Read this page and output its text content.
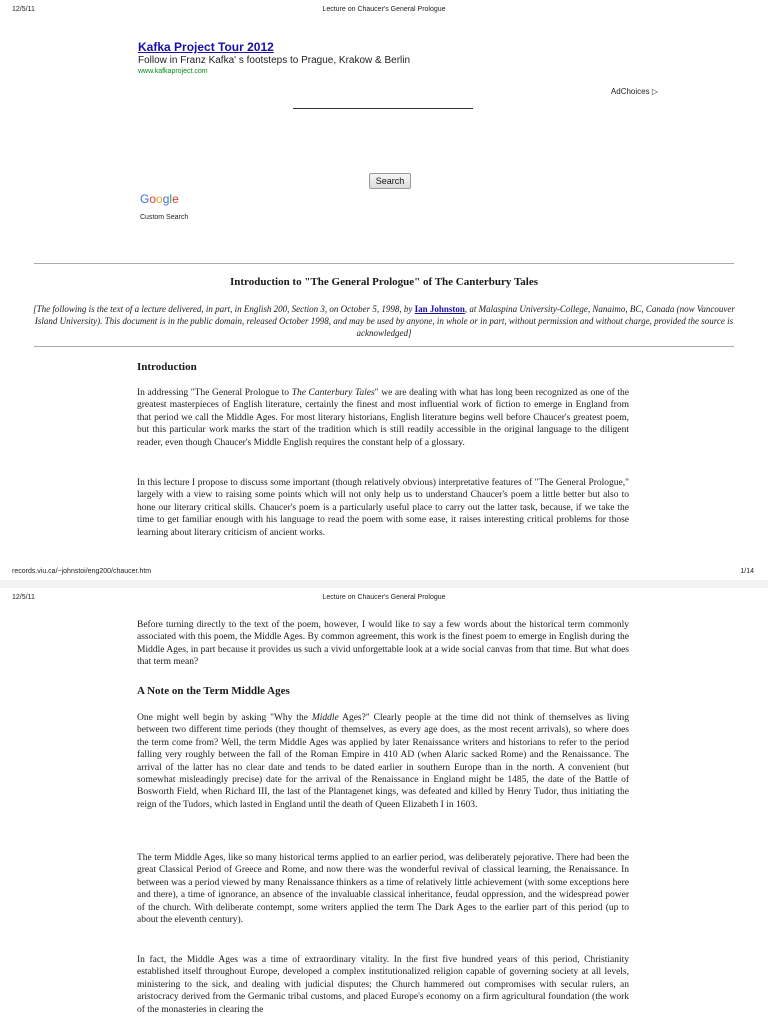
12/5/11	Lecture on Chaucer's General Prologue
Kafka Project Tour 2012
Follow in Franz Kafka' s footsteps to Prague, Krakow & Berlin
www.kafkaproject.com
AdChoices ▷
Search
Google
Custom Search
Introduction to "The General Prologue" of The Canterbury Tales
[The following is the text of a lecture delivered, in part, in English 200, Section 3, on October 5, 1998, by Ian Johnston, at Malaspina University-College, Nanaimo, BC, Canada (now Vancouver Island University). This document is in the public domain, released October 1998, and may be used by anyone, in whole or in part, without permission and without charge, provided the source is acknowledged]
Introduction

In addressing "The General Prologue to The Canterbury Tales" we are dealing with what has long been recognized as one of the greatest masterpieces of English literature, certainly the finest and most influential work of fiction to emerge in England from that period we call the Middle Ages. For most literary historians, English literature begins well before Chaucer's greatest poem, but this particular work marks the start of the tradition which is still readily accessible in the original language to the diligent reader, even though Chaucer's Middle English requires the constant help of a glossary.

In this lecture I propose to discuss some important (though relatively obvious) interpretative features of "The General Prologue," largely with a view to raising some points which will not only help us to understand Chaucer's poem a little better but also to hone our literary critical skills. Chaucer's poem is a particularly useful place to carry out the latter task, because, if we take the time to get familiar enough with his language to read the poem with some ease, it raises interesting critical problems for those learning about literary criticism of ancient works.

records.viu.ca/~johnstoi/eng200/chaucer.htm	1/14
12/5/11	Lecture on Chaucer's General Prologue

Before turning directly to the text of the poem, however, I would like to say a few words about the historical term commonly associated with this poem, the Middle Ages. By common agreement, this work is the finest poem to emerge in English during the Middle Ages, in part because it provides us such a vivid unforgettable look at a wide social canvas from that time. But what does that term mean?

A Note on the Term Middle Ages

One might well begin by asking "Why the Middle Ages?" Clearly people at the time did not think of themselves as living between two different time periods (they thought of themselves, as every age does, as the most recent arrivals), so where does the term come from? Well, the term Middle Ages was applied by later Renaissance writers and historians to refer to the period falling very roughly between the fall of the Roman Empire in 410 AD (when Alaric sacked Rome) and the Renaissance. The arrival of the latter has no clear date and tends to be dated earlier in southern Europe than in the north. A convenient (but somewhat misleadingly precise) date for the arrival of the Renaissance in England might be 1485, the date of the Battle of Bosworth Field, when Richard III, the last of the Plantagenet kings, was defeated and killed by Henry Tudor, thus initiating the reign of the Tudors, which lasted in England until the death of Queen Elizabeth I in 1603.

The term Middle Ages, like so many historical terms applied to an earlier period, was deliberately pejorative. There had been the great Classical Period of Greece and Rome, and now there was the wonderful revival of classical learning, the Renaissance. In between was a period viewed by many Renaissance thinkers as a time of relatively little achievement (with some exceptions here and there), a time of ignorance, an absence of the invaluable classical inheritance, feudal oppression, and the widespread power of the church. With deliberate contempt, some writers applied the term The Dark Ages to the earlier part of this period (up to about the eleventh century).

In fact, the Middle Ages was a time of extraordinary vitality. In the first five hundred years of this period, Christianity established itself throughout Europe, developed a complex institutionalized religion capable of governing society at all levels, ministering to the sick, and dealing with judicial disputes; the Church hammered out compromises with secular rulers, an aristocracy derived from the Germanic tribal customs, and placed Europe's economy on a firm agricultural foundation (the work of the monasteries in clearing the
